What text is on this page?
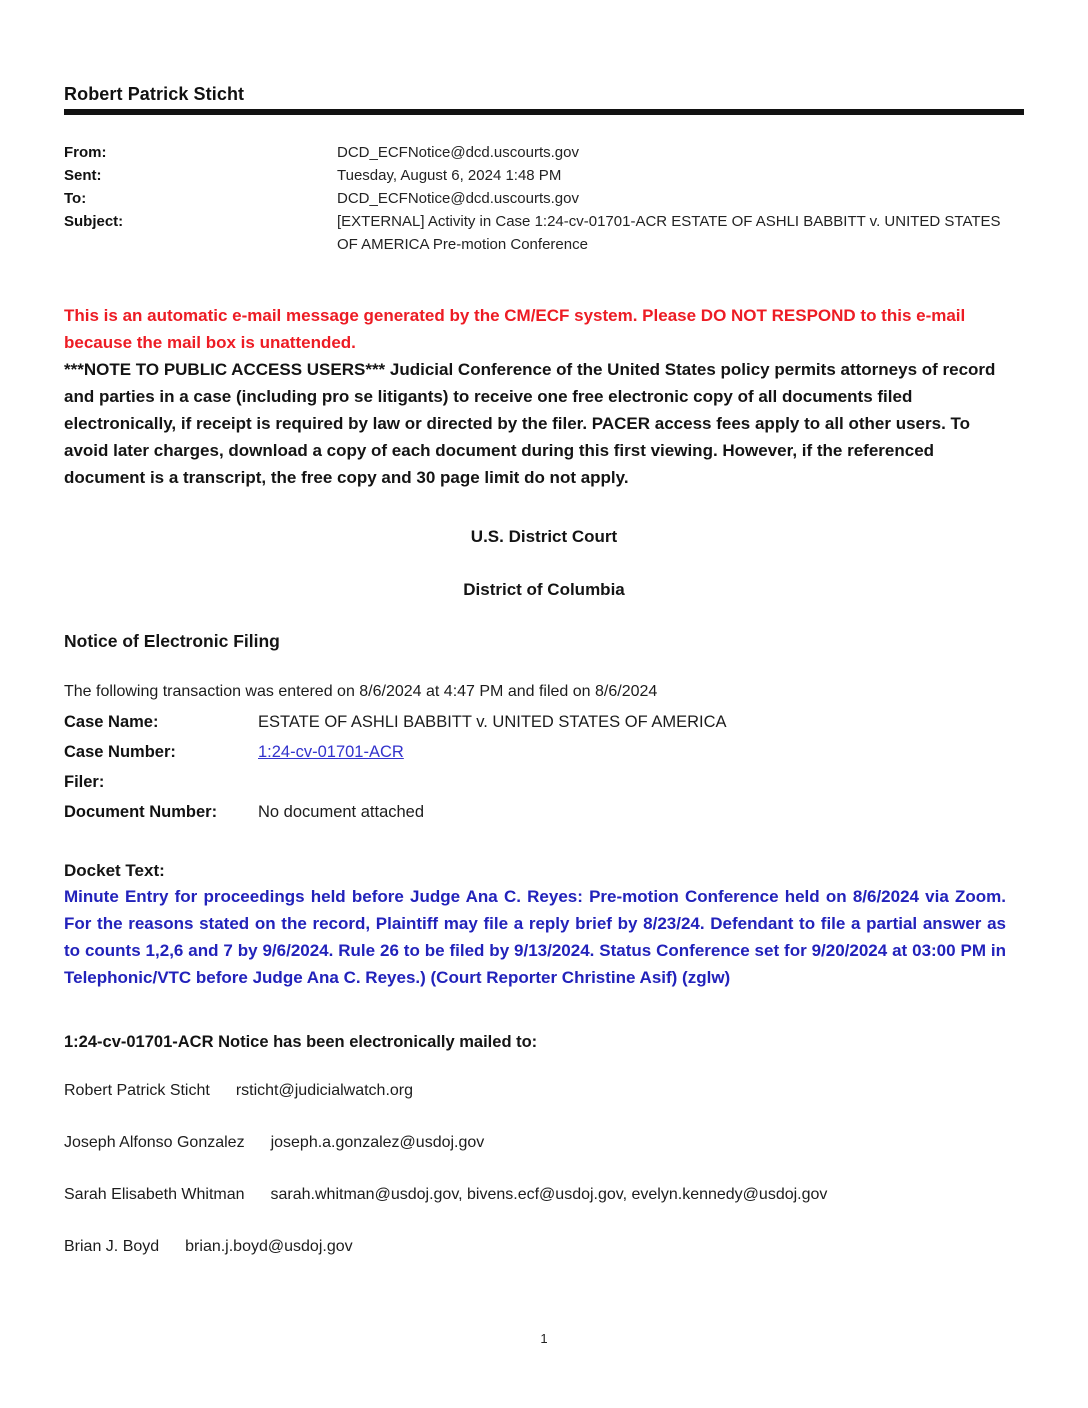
Robert Patrick Sticht
From:	DCD_ECFNotice@dcd.uscourts.gov
Sent:	Tuesday, August 6, 2024 1:48 PM
To:	DCD_ECFNotice@dcd.uscourts.gov
Subject:	[EXTERNAL] Activity in Case 1:24-cv-01701-ACR ESTATE OF ASHLI BABBITT v. UNITED STATES OF AMERICA Pre-motion Conference

This is an automatic e-mail message generated by the CM/ECF system. Please DO NOT RESPOND to this e-mail because the mail box is unattended.

***NOTE TO PUBLIC ACCESS USERS*** Judicial Conference of the United States policy permits attorneys of record and parties in a case (including pro se litigants) to receive one free electronic copy of all documents filed electronically, if receipt is required by law or directed by the filer. PACER access fees apply to all other users. To avoid later charges, download a copy of each document during this first viewing. However, if the referenced document is a transcript, the free copy and 30 page limit do not apply.

U.S. District Court

District of Columbia

Notice of Electronic Filing

The following transaction was entered on 8/6/2024 at 4:47 PM and filed on 8/6/2024

Case Name:	ESTATE OF ASHLI BABBITT v. UNITED STATES OF AMERICA
Case Number:	1:24-cv-01701-ACR
Filer:
Document Number:	No document attached

Docket Text:

Minute Entry for proceedings held before Judge Ana C. Reyes: Pre-motion Conference held on 8/6/2024 via Zoom. For the reasons stated on the record, Plaintiff may file a reply brief by 8/23/24. Defendant to file a partial answer as to counts 1,2,6 and 7 by 9/6/2024. Rule 26 to be filed by 9/13/2024. Status Conference set for 9/20/2024 at 03:00 PM in Telephonic/VTC before Judge Ana C. Reyes.) (Court Reporter Christine Asif) (zglw)

1:24-cv-01701-ACR Notice has been electronically mailed to:

Robert Patrick Sticht rsticht@judicialwatch.org

Joseph Alfonso Gonzalez joseph.a.gonzalez@usdoj.gov

Sarah Elisabeth Whitman sarah.whitman@usdoj.gov, bivens.ecf@usdoj.gov, evelyn.kennedy@usdoj.gov

Brian J. Boyd brian.j.boyd@usdoj.gov

1
